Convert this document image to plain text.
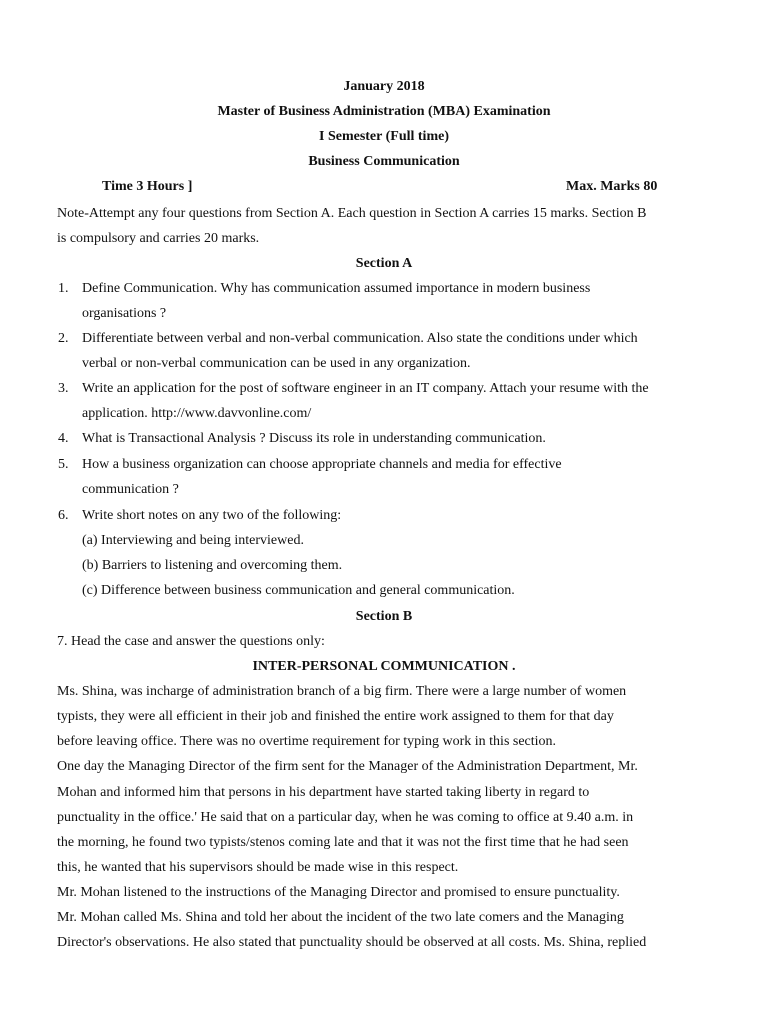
January 2018
Master of Business Administration (MBA) Examination
I Semester (Full time)
Business Communication
Time 3 Hours ]	Max. Marks 80
Note-Attempt any four questions from Section A. Each question in Section A carries 15 marks. Section B
is compulsory and carries 20 marks.
Section A
1. Define Communication. Why has communication assumed importance in modern business
organisations ?
2. Differentiate between verbal and non-verbal communication. Also state the conditions under which
verbal or non-verbal communication can be used in any organization.
3. Write an application for the post of software engineer in an IT company. Attach your resume with the
application. http://www.davvonline.com/
4. What is Transactional Analysis ? Discuss its role in understanding communication.
5. How a business organization can choose appropriate channels and media for effective
communication ?
6. Write short notes on any two of the following:
(a) Interviewing and being interviewed.
(b) Barriers to listening and overcoming them.
(c) Difference between business communication and general communication.
Section B
7. Head the case and answer the questions only:
INTER-PERSONAL COMMUNICATION .
Ms. Shina, was incharge of administration branch of a big firm. There were a large number of women
typists, they were all efficient in their job and finished the entire work assigned to them for that day
before leaving office. There was no overtime requirement for typing work in this section.
One day the Managing Director of the firm sent for the Manager of the Administration Department, Mr.
Mohan and informed him that persons in his department have started taking liberty in regard to
punctuality in the office.' He said that on a particular day, when he was coming to office at 9.40 a.m. in
the morning, he found two typists/stenos coming late and that it was not the first time that he had seen
this, he wanted that his supervisors should be made wise in this respect.
Mr. Mohan listened to the instructions of the Managing Director and promised to ensure punctuality.
Mr. Mohan called Ms. Shina and told her about the incident of the two late comers and the Managing
Director's observations. He also stated that punctuality should be observed at all costs. Ms. Shina, replied
